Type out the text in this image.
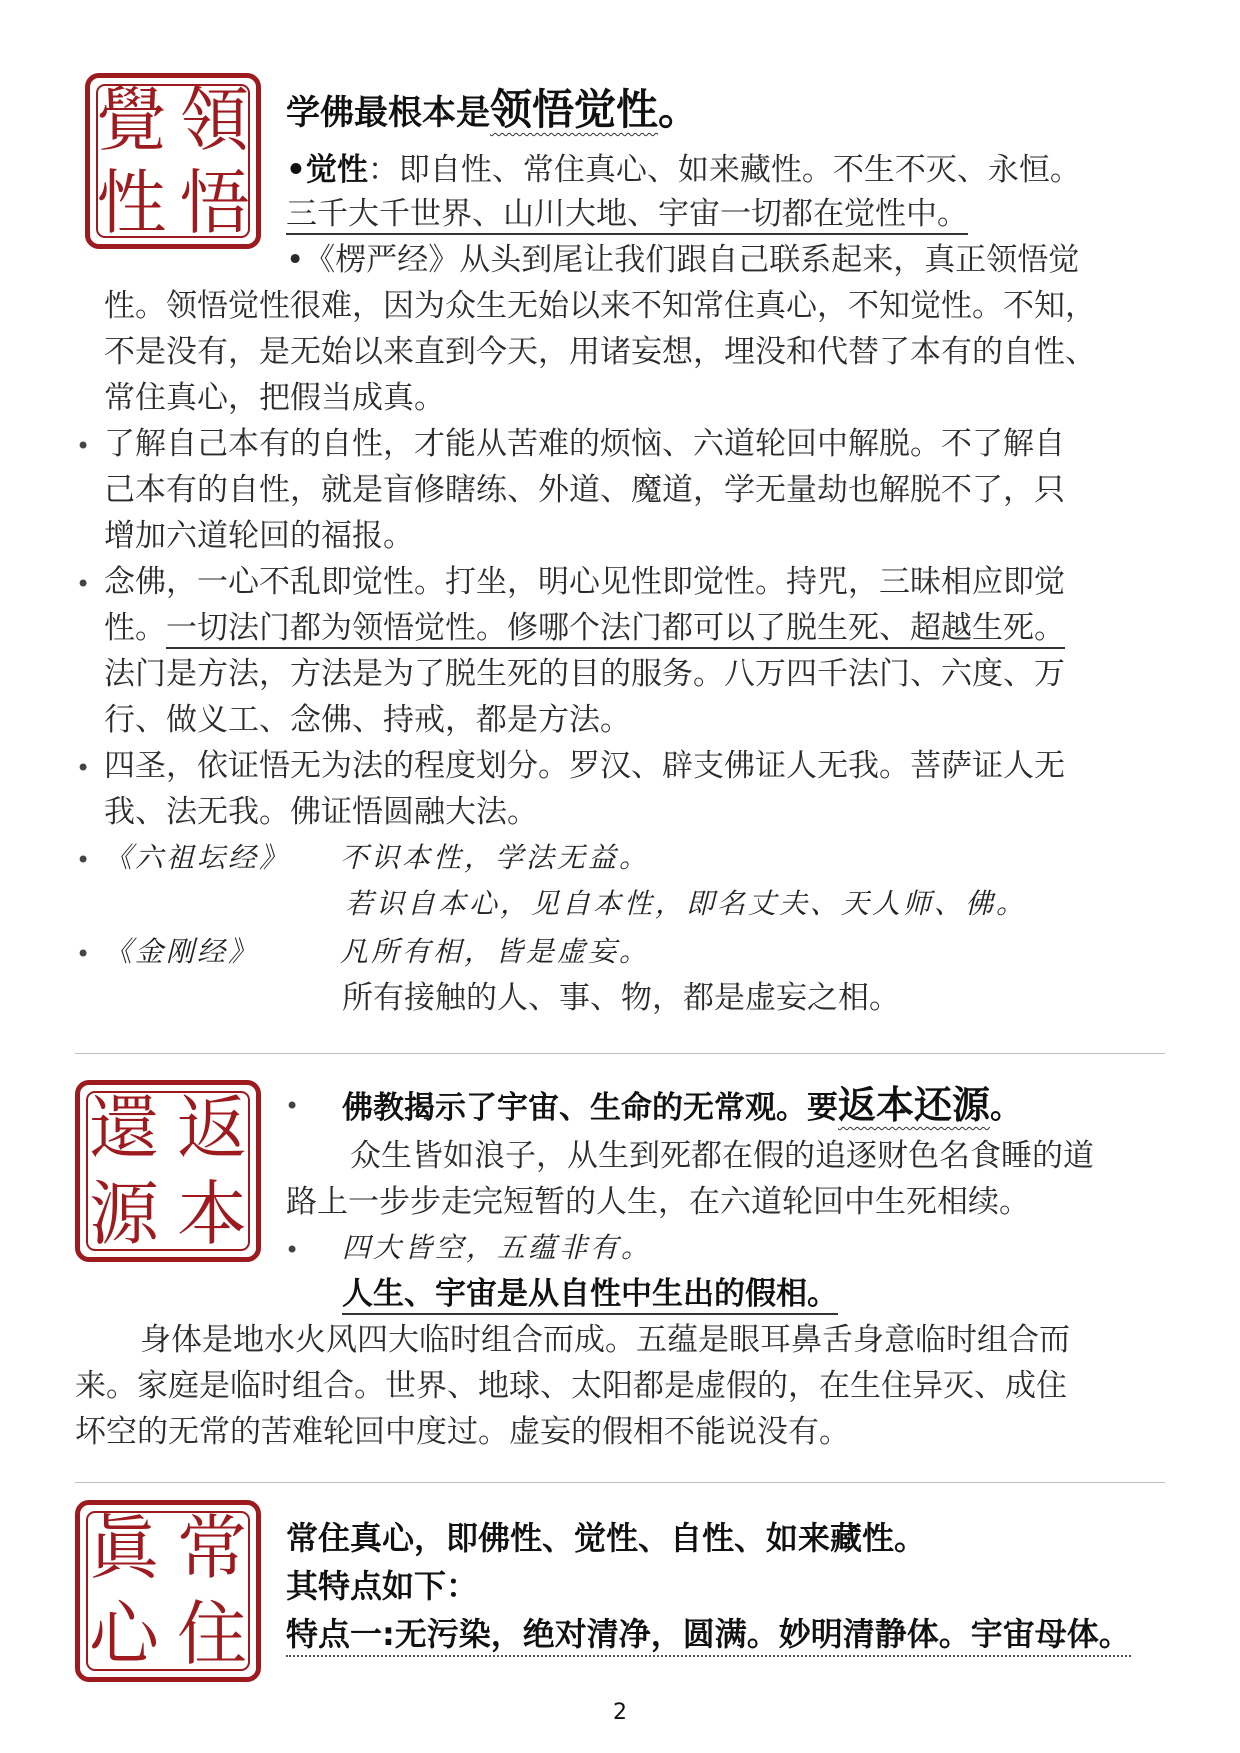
覺 領
性 悟
学佛最根本是领悟觉性。
•觉性：即自性、常住真心、如来藏性。不生不灭、永恒。
三千大千世界、山川大地、宇宙一切都在觉性中。
•《楞严经》从头到尾让我们跟自己联系起来，真正领悟觉
性。领悟觉性很难，因为众生无始以来不知常住真心，不知觉性。不知，
不是没有，是无始以来直到今天，用诸妄想，埋没和代替了本有的自性、
常住真心，把假当成真。
• 了解自己本有的自性，才能从苦难的烦恼、六道轮回中解脱。不了解自
己本有的自性，就是盲修瞎练、外道、魔道，学无量劫也解脱不了，只
增加六道轮回的福报。
• 念佛，一心不乱即觉性。打坐，明心见性即觉性。持咒，三昧相应即觉
性。一切法门都为领悟觉性。修哪个法门都可以了脱生死、超越生死。
法门是方法，方法是为了脱生死的目的服务。八万四千法门、六度、万
行、做义工、念佛、持戒，都是方法。
• 四圣，依证悟无为法的程度划分。罗汉、辟支佛证人无我。菩萨证人无
我、法无我。佛证悟圆融大法。
• 《六祖坛经》 不识本性，学法无益。
若识自本心，见自本性，即名丈夫、天人师、佛。
• 《金刚经》	凡所有相，皆是虚妄。
所有接触的人、事、物，都是虚妄之相。
還 返
源 本
• 佛教揭示了宇宙、生命的无常观。要返本还源。
众生皆如浪子，从生到死都在假的追逐财色名食睡的道
路上一步步走完短暂的人生，在六道轮回中生死相续。
• 四大皆空，五蕴非有。
人生、宇宙是从自性中生出的假相。
身体是地水火风四大临时组合而成。五蕴是眼耳鼻舌身意临时组合而
来。家庭是临时组合。世界、地球、太阳都是虚假的，在生住异灭、成住
坏空的无常的苦难轮回中度过。虚妄的假相不能说没有。
眞 常
心 住
常住真心，即佛性、觉性、自性、如来藏性。
其特点如下：
特点一:无污染，绝对清净，圆满。妙明清静体。宇宙母体。
2
